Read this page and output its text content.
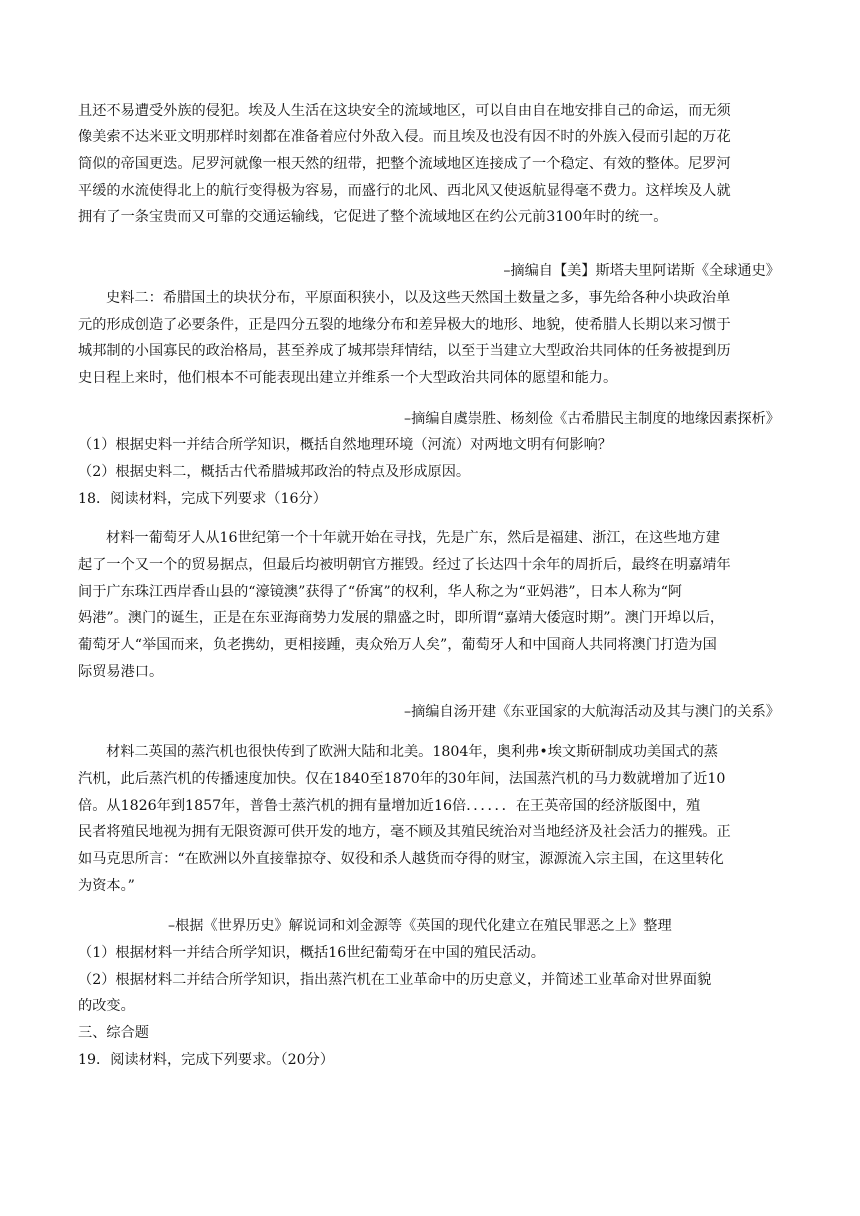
且还不易遭受外族的侵犯。埃及人生活在这块安全的流域地区，可以自由自在地安排自己的命运，而无须
像美索不达米亚文明那样时刻都在准备着应付外敌入侵。而且埃及也没有因不时的外族入侵而引起的万花
筒似的帝国更迭。尼罗河就像一根天然的纽带，把整个流域地区连接成了一个稳定、有效的整体。尼罗河
平缓的水流使得北上的航行变得极为容易，而盛行的北风、西北风又使返航显得毫不费力。这样埃及人就
拥有了一条宝贵而又可靠的交通运输线，它促进了整个流域地区在约公元前3100年时的统一。
–摘编自【美】斯塔夫里阿诺斯《全球通史》
史料二：希腊国土的块状分布，平原面积狭小，以及这些天然国土数量之多，事先给各种小块政治单
元的形成创造了必要条件，正是四分五裂的地缘分布和差异极大的地形、地貌，使希腊人长期以来习惯于
城邦制的小国寡民的政治格局，甚至养成了城邦崇拜情结，以至于当建立大型政治共同体的任务被提到历
史日程上来时，他们根本不可能表现出建立并维系一个大型政治共同体的愿望和能力。
–摘编自虞崇胜、杨刻俭《古希腊民主制度的地缘因素探析》
（1）根据史料一并结合所学知识，概括自然地理环境（河流）对两地文明有何影响？
（2）根据史料二，概括古代希腊城邦政治的特点及形成原因。
18．阅读材料，完成下列要求（16分）
材料一葡萄牙人从16世纪第一个十年就开始在寻找，先是广东，然后是福建、浙江，在这些地方建
起了一个又一个的贸易据点，但最后均被明朝官方摧毁。经过了长达四十余年的周折后，最终在明嘉靖年
间于广东珠江西岸香山县的“濠镜澳”获得了“侨寓”的权利，华人称之为“亚妈港”，日本人称为“阿
妈港”。澳门的诞生，正是在东亚海商势力发展的鼎盛之时，即所谓“嘉靖大倭寇时期”。澳门开埠以后，
葡萄牙人“举国而来，负老携幼，更相接踵，夷众殆万人矣”，葡萄牙人和中国商人共同将澳门打造为国
际贸易港口。
–摘编自汤开建《东亚国家的大航海活动及其与澳门的关系》
材料二英国的蒸汽机也很快传到了欧洲大陆和北美。1804年，奥利弗•埃文斯研制成功美国式的蒸
汽机，此后蒸汽机的传播速度加快。仅在1840至1870年的30年间，法国蒸汽机的马力数就增加了近10
倍。从1826年到1857年，普鲁士蒸汽机的拥有量增加近16倍．．．．．．在王英帝国的经济版图中，殖
民者将殖民地视为拥有无限资源可供开发的地方，毫不顾及其殖民统治对当地经济及社会活力的摧残。正
如马克思所言：“在欧洲以外直接靠掠夺、奴役和杀人越货而夺得的财宝，源源流入宗主国，在这里转化
为资本。”
–根据《世界历史》解说词和刘金源等《英国的现代化建立在殖民罪恶之上》整理
（1）根据材料一并结合所学知识，概括16世纪葡萄牙在中国的殖民活动。
（2）根据材料二并结合所学知识，指出蒸汽机在工业革命中的历史意义，并简述工业革命对世界面貌
的改变。
三、综合题
19．阅读材料，完成下列要求。（20分）
